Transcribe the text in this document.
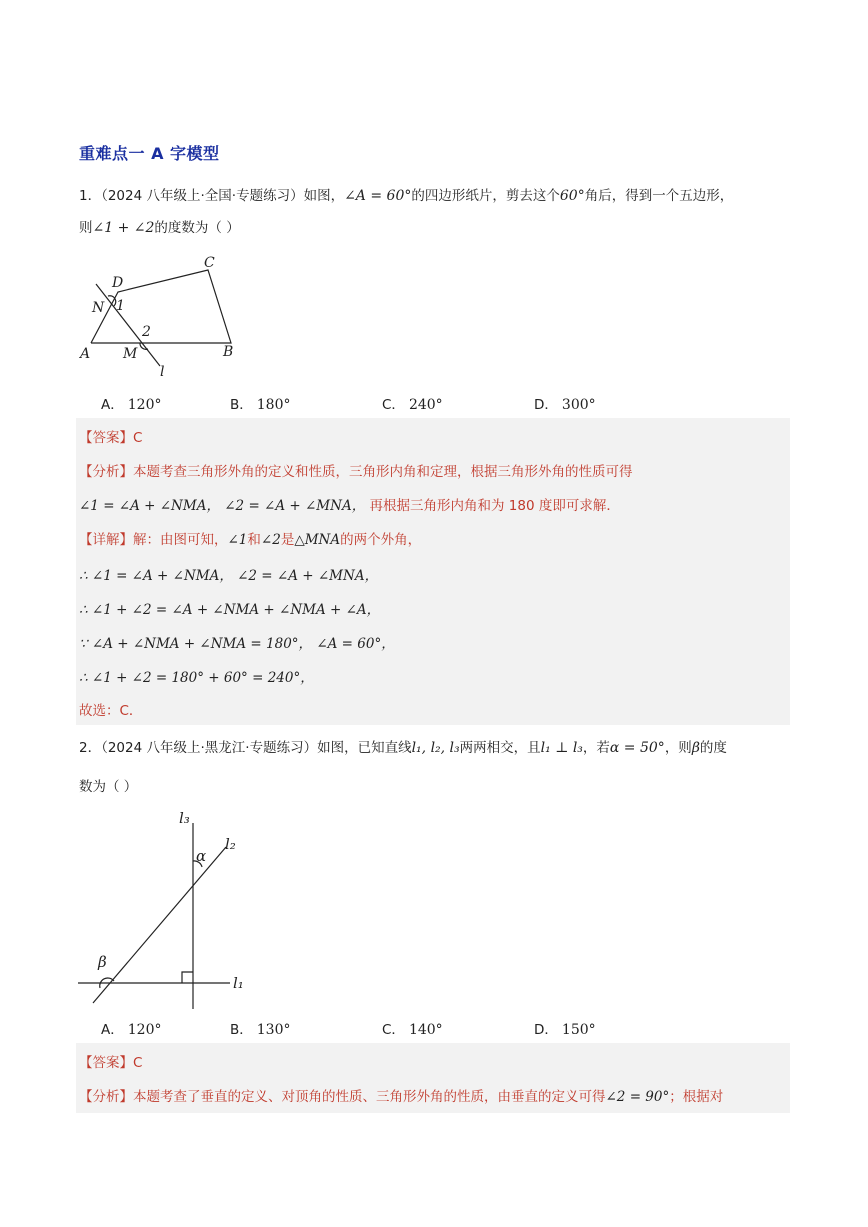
重难点一 A 字模型
1．（2024 八年级上·全国·专题练习）如图，∠A = 60°的四边形纸片，剪去这个60°角后，得到一个五边形，
则∠1 + ∠2的度数为（ ）
D
C
N 1
2
A M	B
l
A． 120°	B． 180°	C． 240°	D． 300°
【答案】C
【分析】本题考查三角形外角的定义和性质，三角形内角和定理，根据三角形外角的性质可得
∠1 = ∠A + ∠NMA， ∠2 = ∠A + ∠MNA， 再根据三角形内角和为 180 度即可求解．
【详解】解：由图可知，∠1和∠2是△MNA的两个外角，
∴ ∠1 = ∠A + ∠NMA， ∠2 = ∠A + ∠MNA，
∴ ∠1 + ∠2 = ∠A + ∠NMA + ∠NMA + ∠A，
∵ ∠A + ∠NMA + ∠NMA = 180°， ∠A = 60°，
∴ ∠1 + ∠2 = 180° + 60° = 240°，
故选：C．
2．（2024 八年级上·黑龙江·专题练习）如图，已知直线l₁, l₂, l₃两两相交，且l₁ ⊥ l₃，若α = 50°，则β的度
数为（ ）
l₃
l₂
α
β
l₁
A． 120°	B． 130°	C． 140°	D． 150°
【答案】C
【分析】本题考查了垂直的定义、对顶角的性质、三角形外角的性质，由垂直的定义可得∠2 = 90°；根据对
